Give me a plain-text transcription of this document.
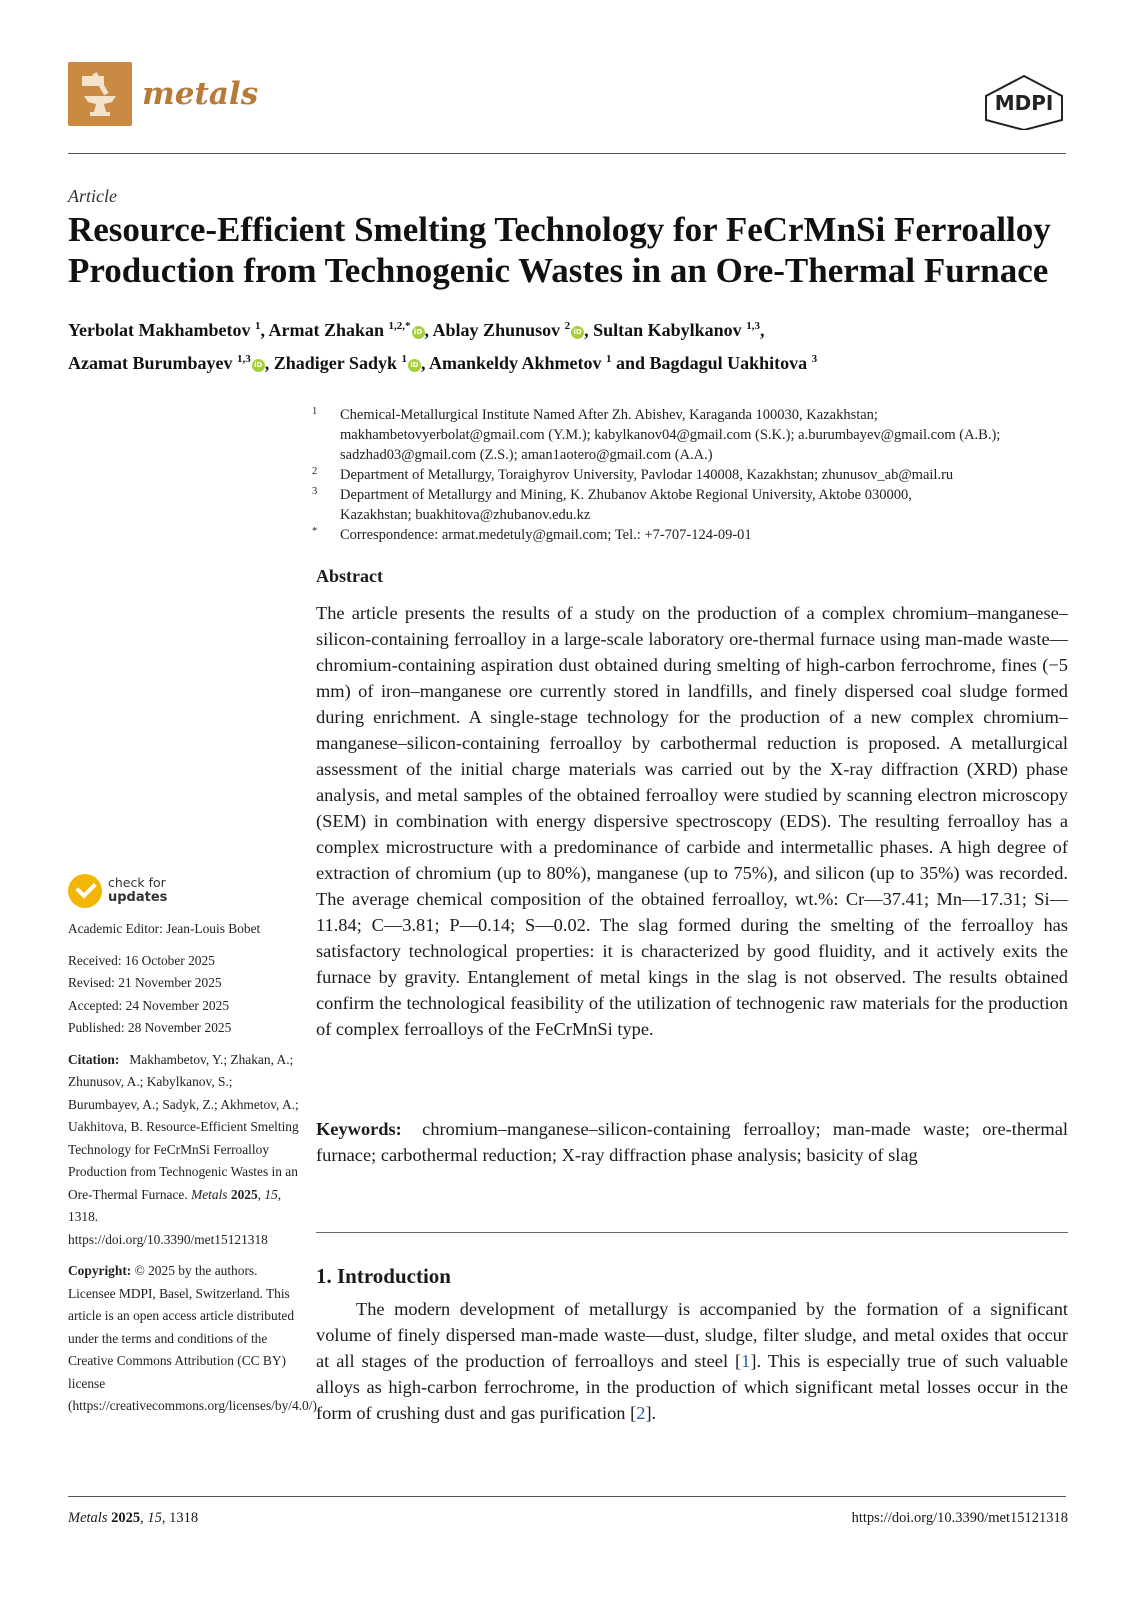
metals	MDPI
Article
Resource-Efficient Smelting Technology for FeCrMnSi Ferroalloy
Production from Technogenic Wastes in an Ore-Thermal Furnace
Yerbolat Makhambetov $^1$, Armat Zhakan $^{1,2,*}$ iD , Ablay Zhunusov $^2$ iD , Sultan Kabylkanov $^{1,3}$,
Azamat Burumbayev $^{1,3}$ iD , Zhadiger Sadyk $^1$ iD , Amankeldy Akhmetov $^1$ and Bagdagul Uakhitova $^3$
1 Chemical-Metallurgical Institute Named After Zh. Abishev, Karaganda 100030, Kazakhstan;
makhambetovyerbolat@gmail.com (Y.M.); kabylkanov04@gmail.com (S.K.); a.burumbayev@gmail.com (A.B.);
sadzhad03@gmail.com (Z.S.); aman1aotero@gmail.com (A.A.)
2 Department of Metallurgy, Toraighyrov University, Pavlodar 140008, Kazakhstan; zhunusov_ab@mail.ru
3 Department of Metallurgy and Mining, K. Zhubanov Aktobe Regional University, Aktobe 030000,
Kazakhstan; buakhitova@zhubanov.edu.kz
* Correspondence: armat.medetuly@gmail.com; Tel.: +7-707-124-09-01
Abstract

The article presents the results of a study on the production of a complex chromium–manganese–silicon-containing ferroalloy in a large-scale laboratory ore-thermal furnace using man-made waste—chromium-containing aspiration dust obtained during smelting of high-carbon ferrochrome, fines (−5 mm) of iron–manganese ore currently stored in landfills, and finely dispersed coal sludge formed during enrichment. A single-stage technology for the production of a new complex chromium–manganese–silicon-containing ferroalloy by carbothermal reduction is proposed. A metallurgical assessment of the initial charge materials was carried out by the X-ray diffraction (XRD) phase analysis, and metal samples of the obtained ferroalloy were studied by scanning electron microscopy (SEM) in combination with energy dispersive spectroscopy (EDS). The resulting ferroalloy has a complex microstructure with a predominance of carbide and intermetallic phases. A high degree of extraction of chromium (up to 80%), manganese (up to 75%), and silicon (up to 35%) was recorded. The average chemical composition of the obtained ferroalloy, wt.%: Cr—37.41; Mn—17.31; Si—11.84; C—3.81; P—0.14; S—0.02. The slag formed during the smelting of the ferroalloy has satisfactory technological properties: it is characterized by good fluidity, and it actively exits the furnace by gravity. Entanglement of metal kings in the slag is not observed. The results obtained confirm the technological feasibility of the utilization of technogenic raw materials for the production of complex ferroalloys of the FeCrMnSi type.

Keywords: chromium–manganese–silicon-containing ferroalloy; man-made waste; ore-thermal furnace; carbothermal reduction; X-ray diffraction phase analysis; basicity of slag

1. Introduction

The modern development of metallurgy is accompanied by the formation of a significant volume of finely dispersed man-made waste—dust, sludge, filter sludge, and metal oxides that occur at all stages of the production of ferroalloys and steel [1]. This is especially true of such valuable alloys as high-carbon ferrochrome, in the production of which significant metal losses occur in the form of crushing dust and gas purification [2].

check for
updates

Academic Editor: Jean-Louis Bobet

Received: 16 October 2025

Revised: 21 November 2025

Accepted: 24 November 2025

Published: 28 November 2025

Citation: Makhambetov, Y.; Zhakan, A.; Zhunusov, A.; Kabylkanov, S.; Burumbayev, A.; Sadyk, Z.; Akhmetov, A.; Uakhitova, B. Resource-Efficient Smelting Technology for FeCrMnSi Ferroalloy Production from Technogenic Wastes in an Ore-Thermal Furnace. Metals 2025, 15, 1318. https://doi.org/10.3390/met15121318

Copyright: © 2025 by the authors. Licensee MDPI, Basel, Switzerland. This article is an open access article distributed under the terms and conditions of the Creative Commons Attribution (CC BY) license (https://creativecommons.org/licenses/by/4.0/).

Metals 2025, 15, 1318	https://doi.org/10.3390/met15121318
